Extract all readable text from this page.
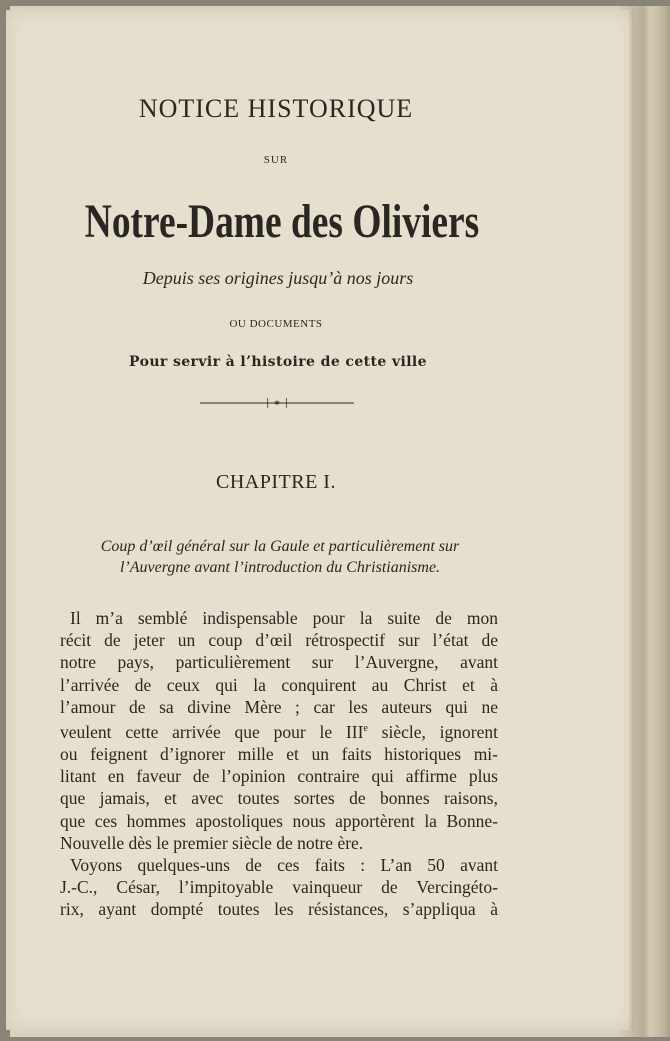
NOTICE HISTORIQUE
SUR
Notre-Dame des Oliviers
Depuis ses origines jusqu’à nos jours
OU DOCUMENTS
Pour servir à l’histoire de cette ville
┼ ✶ ┼
CHAPITRE I.
Coup d’œil général sur la Gaule et particulièrement sur
l’Auvergne avant l’introduction du Christianisme.
Il m’a semblé indispensable pour la suite de mon
récit de jeter un coup d’œil rétrospectif sur l’état de
notre pays, particulièrement sur l’Auvergne, avant
l’arrivée de ceux qui la conquirent au Christ et à
l’amour de sa divine Mère ; car les auteurs qui ne
veulent cette arrivée que pour le IIIe siècle, ignorent
ou feignent d’ignorer mille et un faits historiques mi-
litant en faveur de l’opinion contraire qui affirme plus
que jamais, et avec toutes sortes de bonnes raisons,
que ces hommes apostoliques nous apportèrent la Bonne-
Nouvelle dès le premier siècle de notre ère.
Voyons quelques-uns de ces faits : L’an 50 avant
J.-C., César, l’impitoyable vainqueur de Vercingéto-
rix, ayant dompté toutes les résistances, s’appliqua à
